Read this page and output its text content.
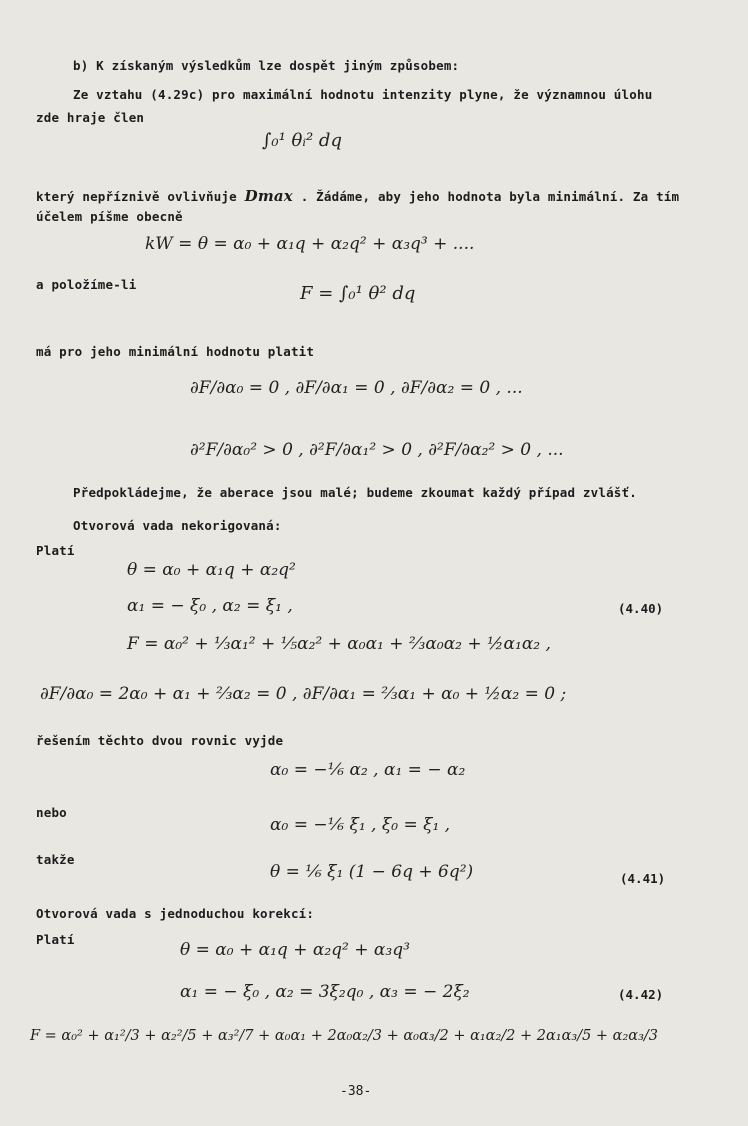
b) K získaným výsledkům lze dospět jiným způsobem:
Ze vztahu (4.29c) pro maximální hodnotu intenzity plyne, že významnou úlohu
zde hraje člen
∫₀¹ θᵢ² dq
který nepříznivě ovlivňuje Dmax . Žádáme, aby jeho hodnota byla minimální. Za tím
účelem píšme obecně
kW = θ = α₀ + α₁q + α₂q² + α₃q³ + ....
a položíme-li	F = ∫₀¹ θ² dq
má pro jeho minimální hodnotu platit
∂F/∂α₀ = 0 , ∂F/∂α₁ = 0 , ∂F/∂α₂ = 0 , ...
∂²F/∂α₀² > 0 , ∂²F/∂α₁² > 0 , ∂²F/∂α₂² > 0 , ...
Předpokládejme, že aberace jsou malé; budeme zkoumat každý případ zvlášť.
Otvorová vada nekorigovaná:
Platí
θ = α₀ + α₁q + α₂q²
α₁ = − ξ₀ , α₂ = ξ₁ ,	(4.40)
F = α₀² + ⅓α₁² + ⅕α₂² + α₀α₁ + ⅔α₀α₂ + ½α₁α₂ ,
∂F/∂α₀ = 2α₀ + α₁ + ⅔α₂ = 0 , ∂F/∂α₁ = ⅔α₁ + α₀ + ½α₂ = 0 ;
řešením těchto dvou rovnic vyjde
α₀ = −⅙ α₂ , α₁ = − α₂
nebo
α₀ = −⅙ ξ₁ , ξ₀ = ξ₁ ,
takže
θ = ⅙ ξ₁ (1 − 6q + 6q²)	(4.41)
Otvorová vada s jednoduchou korekcí:
Platí
θ = α₀ + α₁q + α₂q² + α₃q³
α₁ = − ξ₀ , α₂ = 3ξ₂q₀ , α₃ = − 2ξ₂	(4.42)
F = α₀² + α₁²/3 + α₂²/5 + α₃²/7 + α₀α₁ + 2α₀α₂/3 + α₀α₃/2 + α₁α₂/2 + 2α₁α₃/5 + α₂α₃/3
-38-
